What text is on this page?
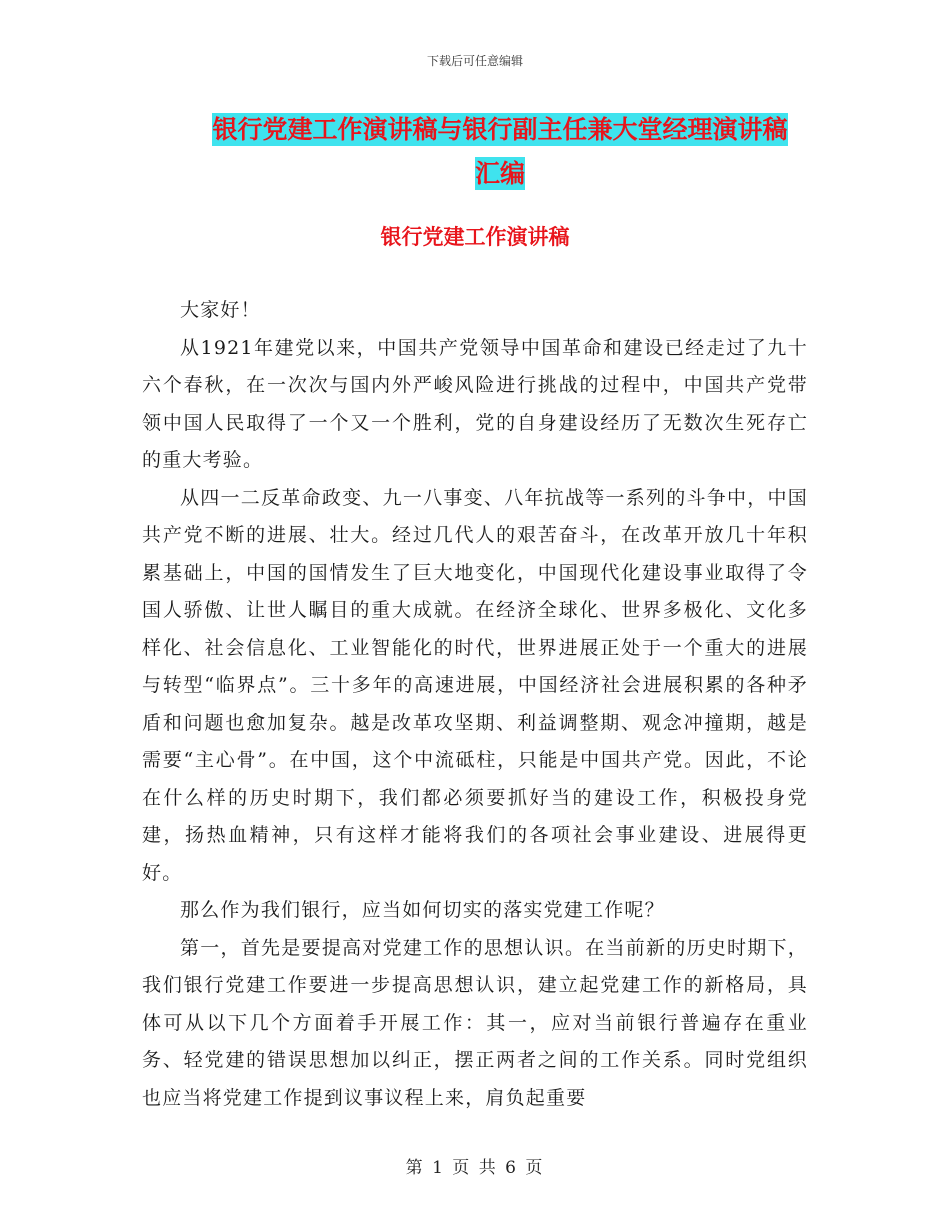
下载后可任意编辑
银行党建工作演讲稿与银行副主任兼大堂经理演讲稿
汇编
银行党建工作演讲稿

大家好！

从1921年建党以来，中国共产党领导中国革命和建设已经走过了九十六个春秋，在一次次与国内外严峻风险进行挑战的过程中，中国共产党带领中国人民取得了一个又一个胜利，党的自身建设经历了无数次生死存亡的重大考验。

从四一二反革命政变、九一八事变、八年抗战等一系列的斗争中，中国共产党不断的进展、壮大。经过几代人的艰苦奋斗，在改革开放几十年积累基础上，中国的国情发生了巨大地变化，中国现代化建设事业取得了令国人骄傲、让世人瞩目的重大成就。在经济全球化、世界多极化、文化多样化、社会信息化、工业智能化的时代，世界进展正处于一个重大的进展与转型“临界点”。三十多年的高速进展，中国经济社会进展积累的各种矛盾和问题也愈加复杂。越是改革攻坚期、利益调整期、观念冲撞期，越是需要“主心骨”。在中国，这个中流砥柱，只能是中国共产党。因此，不论在什么样的历史时期下，我们都必须要抓好当的建设工作，积极投身党建，扬热血精神，只有这样才能将我们的各项社会事业建设、进展得更好。

那么作为我们银行，应当如何切实的落实党建工作呢？

第一，首先是要提高对党建工作的思想认识。在当前新的历史时期下，我们银行党建工作要进一步提高思想认识，建立起党建工作的新格局，具体可从以下几个方面着手开展工作：其一，应对当前银行普遍存在重业务、轻党建的错误思想加以纠正，摆正两者之间的工作关系。同时党组织也应当将党建工作提到议事议程上来，肩负起重要

第 1 页 共 6 页
